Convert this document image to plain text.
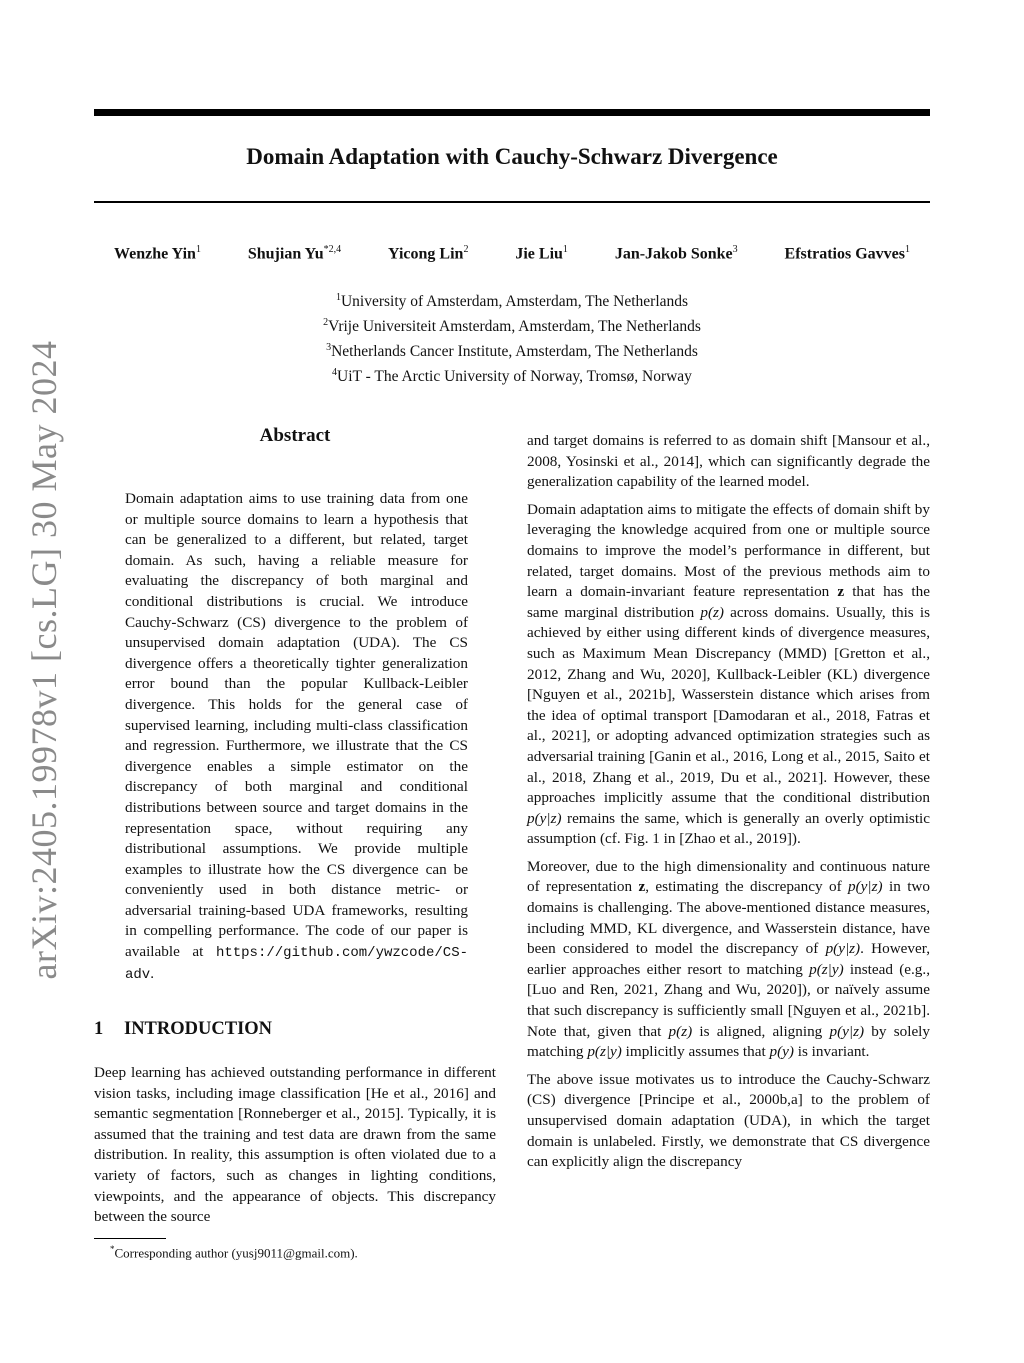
Domain Adaptation with Cauchy-Schwarz Divergence
arXiv:2405.19978v1 [cs.LG] 30 May 2024
Wenzhe Yin$^1$	Shujian Yu$^{*2,4}$	Yicong Lin$^2$	Jie Liu$^1$	Jan-Jakob Sonke$^3$	Efstratios Gavves$^1$
$^1$University of Amsterdam, Amsterdam, The Netherlands
$^2$Vrije Universiteit Amsterdam, Amsterdam, The Netherlands
$^3$Netherlands Cancer Institute, Amsterdam, The Netherlands
$^4$UiT - The Arctic University of Norway, Tromsø, Norway
Abstract
Domain adaptation aims to use training data from one or multiple source domains to learn a hypothesis that can be generalized to a different, but related, target domain. As such, having a reliable measure for evaluating the discrepancy of both marginal and conditional distributions is crucial. We introduce Cauchy-Schwarz (CS) divergence to the problem of unsupervised domain adaptation (UDA). The CS divergence offers a theoretically tighter generalization error bound than the popular Kullback-Leibler divergence. This holds for the general case of supervised learning, including multi-class classification and regression. Furthermore, we illustrate that the CS divergence enables a simple estimator on the discrepancy of both marginal and conditional distributions between source and target domains in the representation space, without requiring any distributional assumptions. We provide multiple examples to illustrate how the CS divergence can be conveniently used in both distance metric- or adversarial training-based UDA frameworks, resulting in compelling performance. The code of our paper is available at https://github.com/ywzcode/CS-adv.
1 INTRODUCTION
Deep learning has achieved outstanding performance in different vision tasks, including image classification [He et al., 2016] and semantic segmentation [Ronneberger et al., 2015]. Typically, it is assumed that the training and test data are drawn from the same distribution. In reality, this assumption is often violated due to a variety of factors, such as changes in lighting conditions, viewpoints, and the appearance of objects. This discrepancy between the source
*Corresponding author (yusj9011@gmail.com).

and target domains is referred to as domain shift [Mansour et al., 2008, Yosinski et al., 2014], which can significantly degrade the generalization capability of the learned model.

Domain adaptation aims to mitigate the effects of domain shift by leveraging the knowledge acquired from one or multiple source domains to improve the model’s performance in different, but related, target domains. Most of the previous methods aim to learn a domain-invariant feature representation z that has the same marginal distribution p(z) across domains. Usually, this is achieved by either using different kinds of divergence measures, such as Maximum Mean Discrepancy (MMD) [Gretton et al., 2012, Zhang and Wu, 2020], Kullback-Leibler (KL) divergence [Nguyen et al., 2021b], Wasserstein distance which arises from the idea of optimal transport [Damodaran et al., 2018, Fatras et al., 2021], or adopting advanced optimization strategies such as adversarial training [Ganin et al., 2016, Long et al., 2015, Saito et al., 2018, Zhang et al., 2019, Du et al., 2021]. However, these approaches implicitly assume that the conditional distribution p(y|z) remains the same, which is generally an overly optimistic assumption (cf. Fig. 1 in [Zhao et al., 2019]).

Moreover, due to the high dimensionality and continuous nature of representation z, estimating the discrepancy of p(y|z) in two domains is challenging. The above-mentioned distance measures, including MMD, KL divergence, and Wasserstein distance, have been considered to model the discrepancy of p(y|z). However, earlier approaches either resort to matching p(z|y) instead (e.g., [Luo and Ren, 2021, Zhang and Wu, 2020]), or naïvely assume that such discrepancy is sufficiently small [Nguyen et al., 2021b]. Note that, given that p(z) is aligned, aligning p(y|z) by solely matching p(z|y) implicitly assumes that p(y) is invariant.

The above issue motivates us to introduce the Cauchy-Schwarz (CS) divergence [Principe et al., 2000b,a] to the problem of unsupervised domain adaptation (UDA), in which the target domain is unlabeled. Firstly, we demonstrate that CS divergence can explicitly align the discrepancy
